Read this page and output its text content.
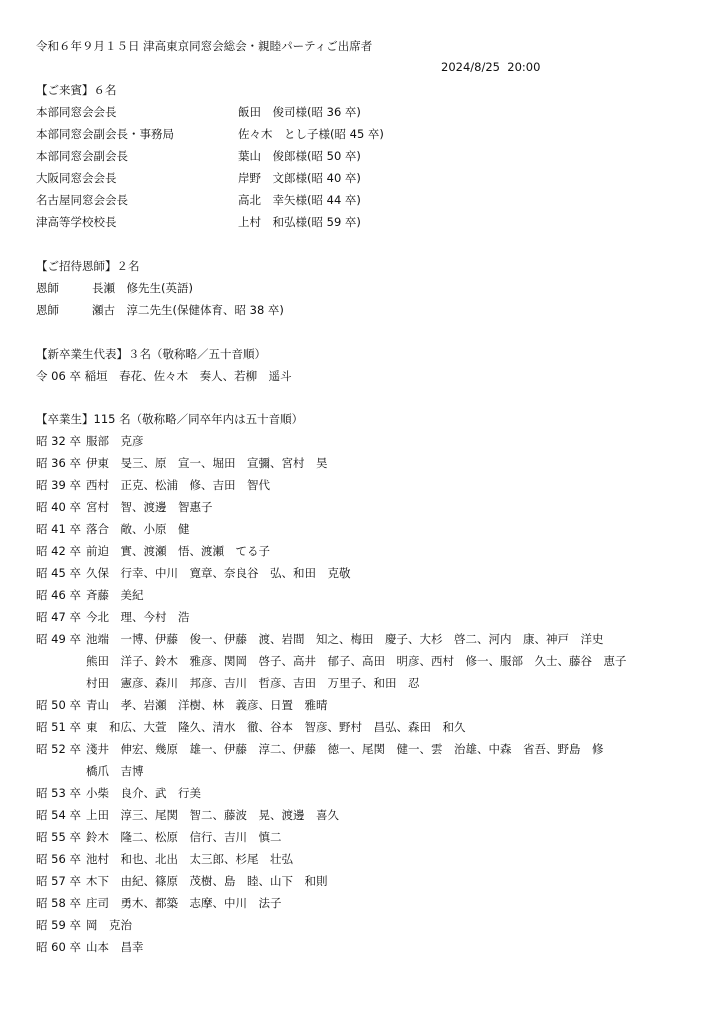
令和６年９月１５日 津高東京同窓会総会・親睦パーティご出席者
2024/8/25  20:00
【ご来賓】６名
本部同窓会会長	飯田　俊司様(昭 36 卒)
本部同窓会副会長・事務局	佐々木　とし子様(昭 45 卒)
本部同窓会副会長	葉山　俊郎様(昭 50 卒)
大阪同窓会会長	岸野　文郎様(昭 40 卒)
名古屋同窓会会長	高北　幸矢様(昭 44 卒)
津高等学校校長	上村　和弘様(昭 59 卒)
【ご招待恩師】２名
恩師	長瀬　修先生(英語)
恩師	瀬古　淳二先生(保健体育、昭 38 卒)
【新卒業生代表】３名（敬称略／五十音順）
令 06 卒 稲垣　春花、佐々木　奏人、若柳　遥斗
【卒業生】115 名（敬称略／同卒年内は五十音順）
昭 32 卒 服部　克彦
昭 36 卒 伊東　旻三、原　宣一、堀田　宣彌、宮村　昊
昭 39 卒 西村　正克、松浦　修、吉田　智代
昭 40 卒 宮村　智、渡邊　智惠子
昭 41 卒 落合　敞、小原　健
昭 42 卒 前迫　實、渡瀬　悟、渡瀬　てる子
昭 45 卒 久保　行幸、中川　寛章、奈良谷　弘、和田　克敬
昭 46 卒 斉藤　美紀
昭 47 卒 今北　理、今村　浩
昭 49 卒 池端　一博、伊藤　俊一、伊藤　渡、岩間　知之、梅田　慶子、大杉　啓二、河内　康、神戸　洋史
熊田　洋子、鈴木　雅彦、関岡　啓子、高井　郁子、高田　明彦、西村　修一、服部　久士、藤谷　恵子
村田　憲彦、森川　邦彦、吉川　哲彦、吉田　万里子、和田　忍
昭 50 卒 青山　孝、岩瀬　洋樹、林　義彦、日置　雅晴
昭 51 卒 東　和広、大萱　隆久、清水　徹、谷本　智彦、野村　昌弘、森田　和久
昭 52 卒 淺井　伸宏、幾原　雄一、伊藤　淳二、伊藤　徳一、尾関　健一、雲　治雄、中森　省吾、野島　修
橋爪　吉博
昭 53 卒 小柴　良介、武　行美
昭 54 卒 上田　淳三、尾関　智二、藤波　晃、渡邊　喜久
昭 55 卒 鈴木　隆二、松原　信行、吉川　慎二
昭 56 卒 池村　和也、北出　太三郎、杉尾　壮弘
昭 57 卒 木下　由紀、篠原　茂樹、島　睦、山下　和則
昭 58 卒 庄司　勇木、都築　志摩、中川　法子
昭 59 卒 岡　克治
昭 60 卒 山本　昌幸
